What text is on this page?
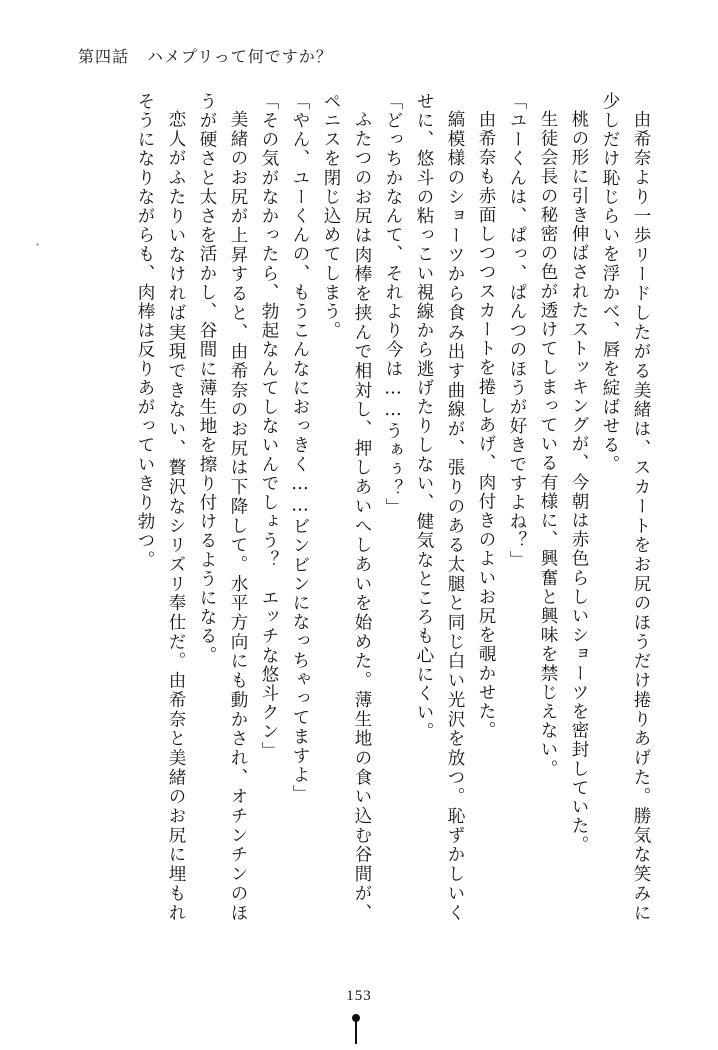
第四話 ハメプリって何ですか？

由希奈より一歩リードしたがる美緒は、スカートをお尻のほうだけ捲りあげた。勝気な笑みに少しだけ恥じらいを浮かべ、唇を綻ばせる。

桃の形に引き伸ばされたストッキングが、今朝は赤色らしいショーツを密封していた。

生徒会長の秘密の色が透けてしまっている有様に、興奮と興味を禁じえない。

「ユーくんは、ぱっ、ぱんつのほうが好きですよね？」

由希奈も赤面しつつスカートを捲しあげ、肉付きのよいお尻を覗かせた。

縞模様のショーツから食み出す曲線が、張りのある太腿と同じ白い光沢を放つ。恥ずかしいくせに、悠斗の粘っこい視線から逃げたりしない、健気なところも心にくい。

「どっちかなんて、それより今は……うぁぅ？」

ふたつのお尻は肉棒を挟んで相対し、押しあいへしあいを始めた。薄生地の食い込む谷間が、ペニスを閉じ込めてしまう。

「やん、ユーくんの、もうこんなにおっきく……ビンビンになっちゃってますよ」

「その気がなかったら、勃起なんてしないんでしょう？　エッチな悠斗クン」

美緒のお尻が上昇すると、由希奈のお尻は下降して。水平方向にも動かされ、オチンチンのほうが硬さと太さを活かし、谷間に薄生地を擦り付けるようになる。

恋人がふたりいなければ実現できない、贅沢なシリズリ奉仕だ。由希奈と美緒のお尻に埋もれそうになりながらも、肉棒は反りあがっていきり勃つ。

153
